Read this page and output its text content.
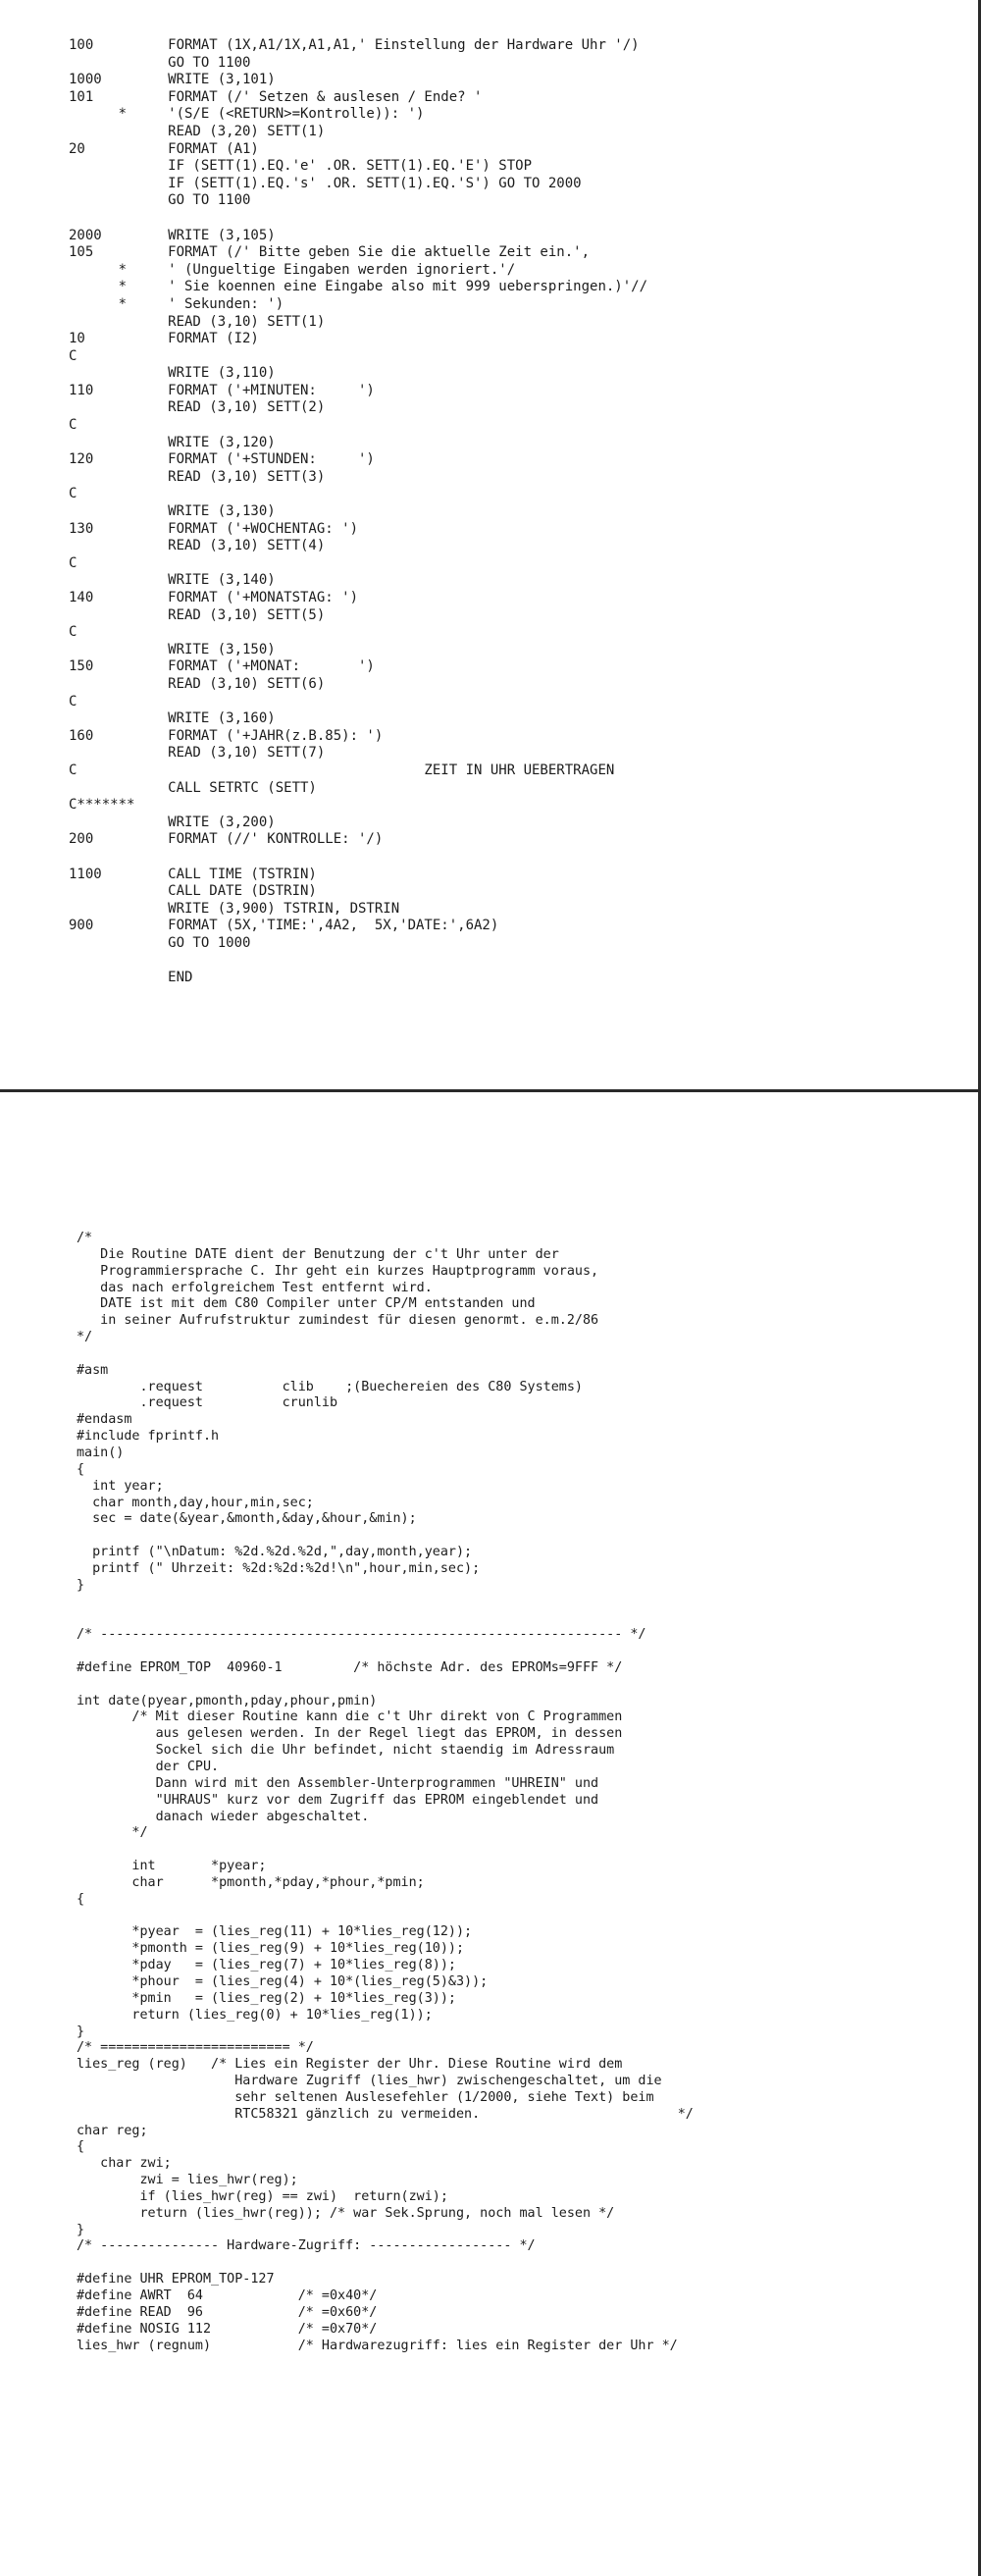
100         FORMAT (1X,A1/1X,A1,A1,' Einstellung der Hardware Uhr '/)
GO TO 1100
1000        WRITE (3,101)
101         FORMAT (/' Setzen & auslesen / Ende? '
*     '(S/E (<RETURN>=Kontrolle)): ')
READ (3,20) SETT(1)
20          FORMAT (A1)
IF (SETT(1).EQ.'e' .OR. SETT(1).EQ.'E') STOP
IF (SETT(1).EQ.'s' .OR. SETT(1).EQ.'S') GO TO 2000
GO TO 1100

2000        WRITE (3,105)
105         FORMAT (/' Bitte geben Sie die aktuelle Zeit ein.',
*     ' (Ungueltige Eingaben werden ignoriert.'/
*     ' Sie koennen eine Eingabe also mit 999 ueberspringen.)'//
*     ' Sekunden: ')
READ (3,10) SETT(1)
10          FORMAT (I2)
C
WRITE (3,110)
110         FORMAT ('+MINUTEN:     ')
READ (3,10) SETT(2)
C
WRITE (3,120)
120         FORMAT ('+STUNDEN:     ')
READ (3,10) SETT(3)
C
WRITE (3,130)
130         FORMAT ('+WOCHENTAG: ')
READ (3,10) SETT(4)
C
WRITE (3,140)
140         FORMAT ('+MONATSTAG: ')
READ (3,10) SETT(5)
C
WRITE (3,150)
150         FORMAT ('+MONAT:       ')
READ (3,10) SETT(6)
C
WRITE (3,160)
160         FORMAT ('+JAHR(z.B.85): ')
READ (3,10) SETT(7)
C                                          ZEIT IN UHR UEBERTRAGEN
CALL SETRTC (SETT)
C*******
WRITE (3,200)
200         FORMAT (//' KONTROLLE: '/)

1100        CALL TIME (TSTRIN)
CALL DATE (DSTRIN)
WRITE (3,900) TSTRIN, DSTRIN
900         FORMAT (5X,'TIME:',4A2,  5X,'DATE:',6A2)
GO TO 1000

END
/*
Die Routine DATE dient der Benutzung der c't Uhr unter der
Programmiersprache C. Ihr geht ein kurzes Hauptprogramm voraus,
das nach erfolgreichem Test entfernt wird.
DATE ist mit dem C80 Compiler unter CP/M entstanden und
in seiner Aufrufstruktur zumindest für diesen genormt. e.m.2/86
*/

#asm
.request          clib    ;(Buechereien des C80 Systems)
.request          crunlib
#endasm
#include fprintf.h
main()
{
int year;
char month,day,hour,min,sec;
sec = date(&year,&month,&day,&hour,&min);

printf ("\nDatum: %2d.%2d.%2d,",day,month,year);
printf (" Uhrzeit: %2d:%2d:%2d!\n",hour,min,sec);
}

/* ------------------------------------------------------------------ */

#define EPROM_TOP  40960-1         /* höchste Adr. des EPROMs=9FFF */

int date(pyear,pmonth,pday,phour,pmin)
/* Mit dieser Routine kann die c't Uhr direkt von C Programmen
aus gelesen werden. In der Regel liegt das EPROM, in dessen
Sockel sich die Uhr befindet, nicht staendig im Adressraum
der CPU.
Dann wird mit den Assembler-Unterprogrammen "UHREIN" und
"UHRAUS" kurz vor dem Zugriff das EPROM eingeblendet und
danach wieder abgeschaltet.
*/

int       *pyear;
char      *pmonth,*pday,*phour,*pmin;
{

*pyear  = (lies_reg(11) + 10*lies_reg(12));
*pmonth = (lies_reg(9) + 10*lies_reg(10));
*pday   = (lies_reg(7) + 10*lies_reg(8));
*phour  = (lies_reg(4) + 10*(lies_reg(5)&3));
*pmin   = (lies_reg(2) + 10*lies_reg(3));
return (lies_reg(0) + 10*lies_reg(1));
}
/* ======================== */
lies_reg (reg)   /* Lies ein Register der Uhr. Diese Routine wird dem
Hardware Zugriff (lies_hwr) zwischengeschaltet, um die
sehr seltenen Auslesefehler (1/2000, siehe Text) beim
RTC58321 gänzlich zu vermeiden.                         */
char reg;
{
char zwi;
zwi = lies_hwr(reg);
if (lies_hwr(reg) == zwi)  return(zwi);
return (lies_hwr(reg)); /* war Sek.Sprung, noch mal lesen */
}
/* --------------- Hardware-Zugriff: ------------------ */

#define UHR EPROM_TOP-127
#define AWRT  64            /* =0x40*/
#define READ  96            /* =0x60*/
#define NOSIG 112           /* =0x70*/
lies_hwr (regnum)           /* Hardwarezugriff: lies ein Register der Uhr */
